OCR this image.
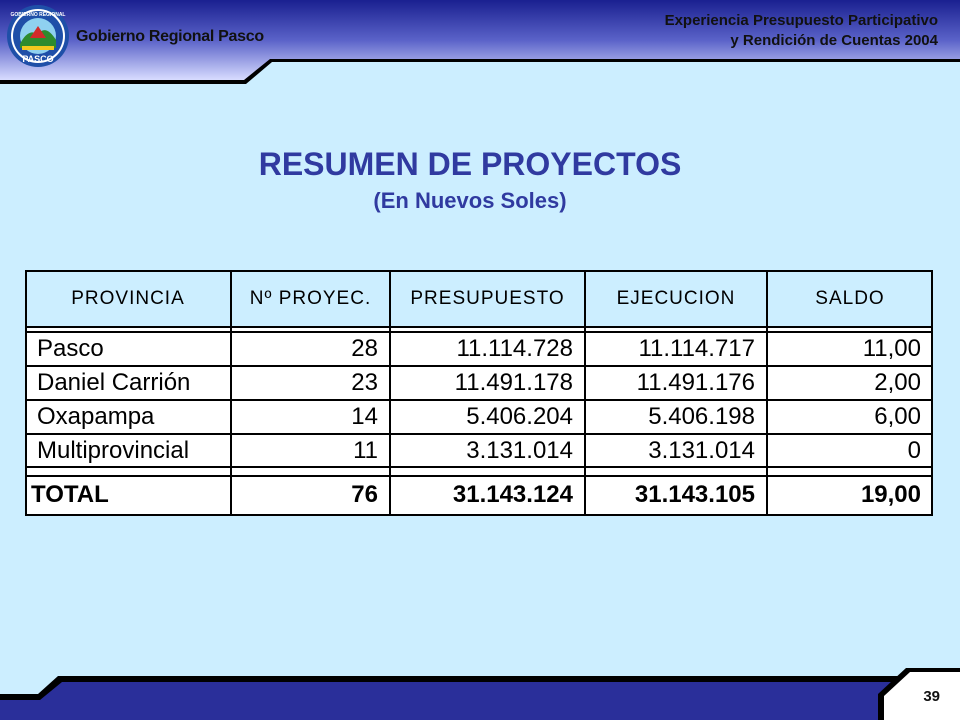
PASCO
GOBIERNO REGIONAL
Gobierno Regional Pasco
Experiencia Presupuesto Participativo
y Rendición de Cuentas 2004
RESUMEN DE PROYECTOS
(En Nuevos Soles)
PROVINCIA	Nº PROYEC.	PRESUPUESTO	EJECUCION	SALDO
Pasco	28	11.114.728	11.114.717	11,00
Daniel Carrión	23	11.491.178	11.491.176	2,00
Oxapampa	14	5.406.204	5.406.198	6,00
Multiprovincial	11	3.131.014	3.131.014	0
TOTAL	76	31.143.124	31.143.105	19,00
39
